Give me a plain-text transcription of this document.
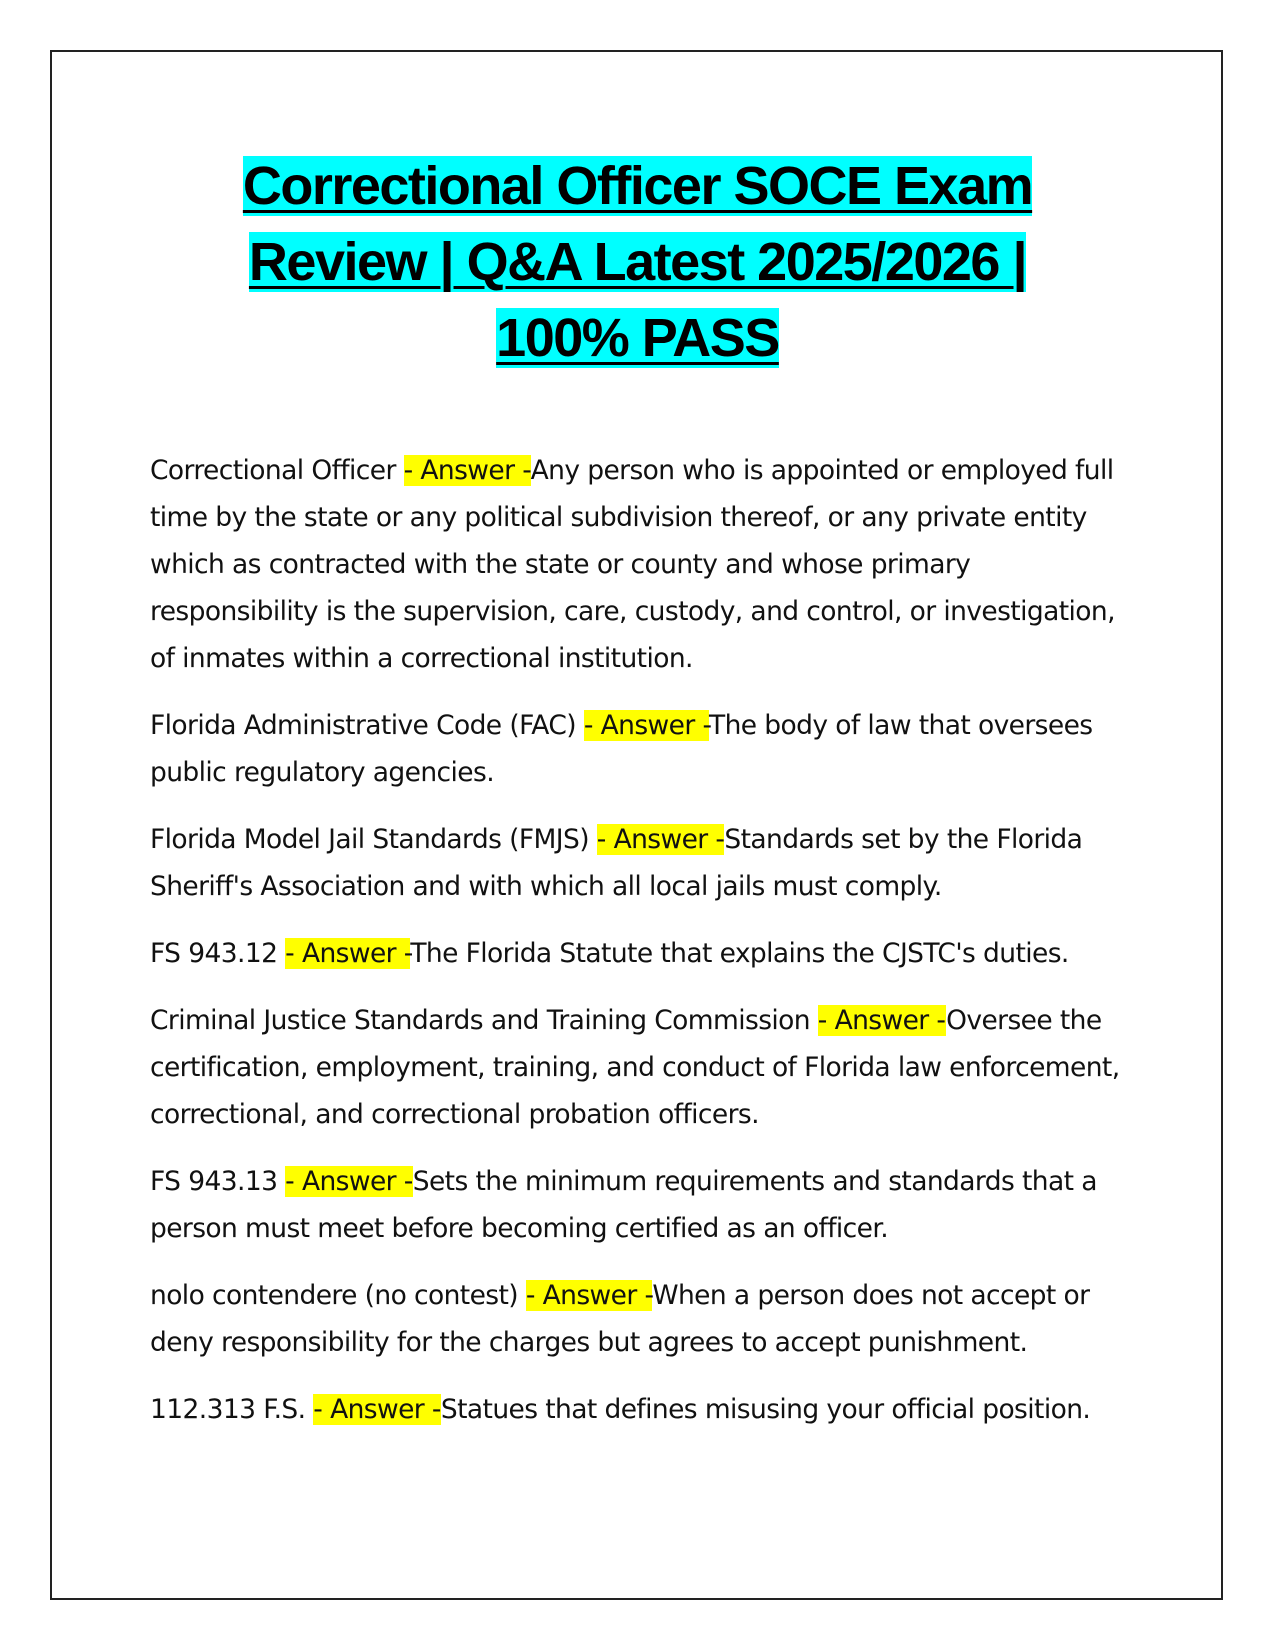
Correctional Officer SOCE Exam
Review | Q&A Latest 2025/2026 |
100% PASS

Correctional Officer - Answer -Any person who is appointed or employed full time by the state or any political subdivision thereof, or any private entity which as contracted with the state or county and whose primary responsibility is the supervision, care, custody, and control, or investigation, of inmates within a correctional institution.

Florida Administrative Code (FAC) - Answer -The body of law that oversees public regulatory agencies.

Florida Model Jail Standards (FMJS) - Answer -Standards set by the Florida Sheriff's Association and with which all local jails must comply.

FS 943.12 - Answer -The Florida Statute that explains the CJSTC's duties.

Criminal Justice Standards and Training Commission - Answer -Oversee the certification, employment, training, and conduct of Florida law enforcement, correctional, and correctional probation officers.

FS 943.13 - Answer -Sets the minimum requirements and standards that a person must meet before becoming certified as an officer.

nolo contendere (no contest) - Answer -When a person does not accept or deny responsibility for the charges but agrees to accept punishment.

112.313 F.S. - Answer -Statues that defines misusing your official position.
